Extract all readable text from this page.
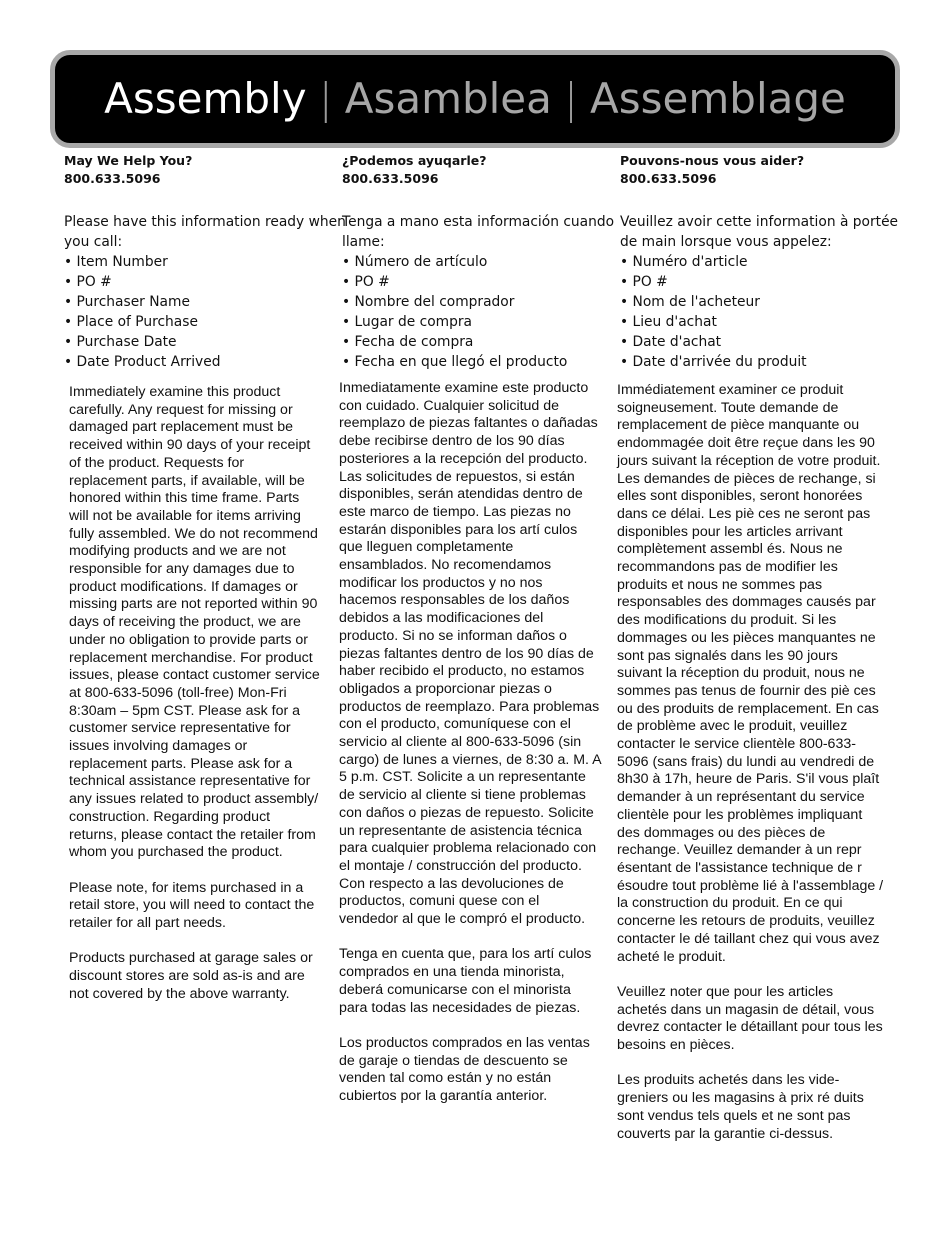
Assembly | Asamblea | Assemblage
May We Help You?
800.633.5096
Please have this information ready when you call:
• Item Number
• PO #
• Purchaser Name
• Place of Purchase
• Purchase Date
• Date Product Arrived

Immediately examine this product carefully. Any request for missing or damaged part replacement must be received within 90 days of your receipt of the product. Requests for replacement parts, if available, will be honored within this time frame. Parts will not be available for items arriving fully assembled. We do not recommend modifying products and we are not responsible for any damages due to product modifications. If damages or missing parts are not reported within 90 days of receiving the product, we are under no obligation to provide parts or replacement merchandise. For product issues, please contact customer service at 800-633-5096 (toll-free) Mon-Fri 8:30am – 5pm CST. Please ask for a customer service representative for issues involving damages or replacement parts. Please ask for a technical assistance representative for any issues related to product assembly/ construction. Regarding product returns, please contact the retailer from whom you purchased the product.

Please note, for items purchased in a retail store, you will need to contact the retailer for all part needs.

Products purchased at garage sales or discount stores are sold as-is and are not covered by the above warranty.

¿Podemos ayuqarle?
800.633.5096
Tenga a mano esta información cuando llame:
• Número de artículo
• PO #
• Nombre del comprador
• Lugar de compra
• Fecha de compra
• Fecha en que llegó el producto

Inmediatamente examine este producto con cuidado. Cualquier solicitud de reemplazo de piezas faltantes o dañadas debe recibirse dentro de los 90 días posteriores a la recepción del producto. Las solicitudes de repuestos, si están disponibles, serán atendidas dentro de este marco de tiempo. Las piezas no estarán disponibles para los artí culos que lleguen completamente ensamblados. No recomendamos modificar los productos y no nos hacemos responsables de los daños debidos a las modificaciones del producto. Si no se informan daños o piezas faltantes dentro de los 90 días de haber recibido el producto, no estamos obligados a proporcionar piezas o productos de reemplazo. Para problemas con el producto, comuníquese con el servicio al cliente al 800-633-5096 (sin cargo) de lunes a viernes, de 8:30 a. M. A 5 p.m. CST. Solicite a un representante de servicio al cliente si tiene problemas con daños o piezas de repuesto. Solicite un representante de asistencia técnica para cualquier problema relacionado con el montaje / construcción del producto. Con respecto a las devoluciones de productos, comuni quese con el vendedor al que le compró el producto.

Tenga en cuenta que, para los artí culos comprados en una tienda minorista, deberá comunicarse con el minorista para todas las necesidades de piezas.

Los productos comprados en las ventas de garaje o tiendas de descuento se venden tal como están y no están cubiertos por la garantía anterior.

Pouvons-nous vous aider?
800.633.5096
Veuillez avoir cette information à portée de main lorsque vous appelez:
• Numéro d'article
• PO #
• Nom de l'acheteur
• Lieu d'achat
• Date d'achat
• Date d'arrivée du produit

Immédiatement examiner ce produit soigneusement. Toute demande de remplacement de pièce manquante ou endommagée doit être reçue dans les 90 jours suivant la réception de votre produit. Les demandes de pièces de rechange, si elles sont disponibles, seront honorées dans ce délai. Les piè ces ne seront pas disponibles pour les articles arrivant complètement assembl és. Nous ne recommandons pas de modifier les produits et nous ne sommes pas responsables des dommages causés par des modifications du produit. Si les dommages ou les pièces manquantes ne sont pas signalés dans les 90 jours suivant la réception du produit, nous ne sommes pas tenus de fournir des piè ces ou des produits de remplacement. En cas de problème avec le produit, veuillez contacter le service clientèle 800-633-5096 (sans frais) du lundi au vendredi de 8h30 à 17h, heure de Paris. S'il vous plaît demander à un représentant du service clientèle pour les problèmes impliquant des dommages ou des pièces de rechange. Veuillez demander à un repr ésentant de l'assistance technique de r ésoudre tout problème lié à l'assemblage / la construction du produit. En ce qui concerne les retours de produits, veuillez contacter le dé taillant chez qui vous avez acheté le produit.

Veuillez noter que pour les articles achetés dans un magasin de détail, vous devrez contacter le détaillant pour tous les besoins en pièces.

Les produits achetés dans les vide-greniers ou les magasins à prix ré duits sont vendus tels quels et ne sont pas couverts par la garantie ci-dessus.
